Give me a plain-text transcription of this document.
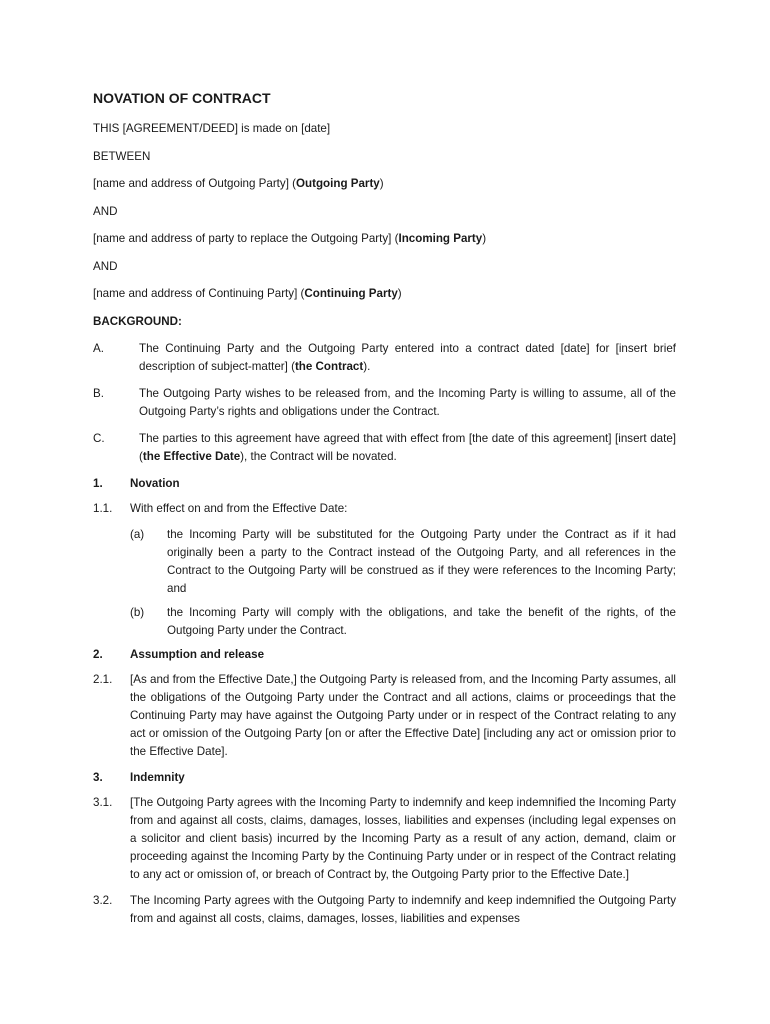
NOVATION OF CONTRACT
THIS [AGREEMENT/DEED] is made on [date]
BETWEEN
[name and address of Outgoing Party] (Outgoing Party)
AND
[name and address of party to replace the Outgoing Party] (Incoming Party)
AND
[name and address of Continuing Party] (Continuing Party)
BACKGROUND:
A.	The Continuing Party and the Outgoing Party entered into a contract dated [date] for [insert brief description of subject-matter] (the Contract).
B.	The Outgoing Party wishes to be released from, and the Incoming Party is willing to assume, all of the Outgoing Party’s rights and obligations under the Contract.
C.	The parties to this agreement have agreed that with effect from [the date of this agreement] [insert date] (the Effective Date), the Contract will be novated.
1.	Novation
1.1.	With effect on and from the Effective Date:
(a)	the Incoming Party will be substituted for the Outgoing Party under the Contract as if it had originally been a party to the Contract instead of the Outgoing Party, and all references in the Contract to the Outgoing Party will be construed as if they were references to the Incoming Party; and
(b)	the Incoming Party will comply with the obligations, and take the benefit of the rights, of the Outgoing Party under the Contract.
2.	Assumption and release
2.1.	[As and from the Effective Date,] the Outgoing Party is released from, and the Incoming Party assumes, all the obligations of the Outgoing Party under the Contract and all actions, claims or proceedings that the Continuing Party may have against the Outgoing Party under or in respect of the Contract relating to any act or omission of the Outgoing Party [on or after the Effective Date] [including any act or omission prior to the Effective Date].
3.	Indemnity
3.1.	[The Outgoing Party agrees with the Incoming Party to indemnify and keep indemnified the Incoming Party from and against all costs, claims, damages, losses, liabilities and expenses (including legal expenses on a solicitor and client basis) incurred by the Incoming Party as a result of any action, demand, claim or proceeding against the Incoming Party by the Continuing Party under or in respect of the Contract relating to any act or omission of, or breach of Contract by, the Outgoing Party prior to the Effective Date.]
3.2.	The Incoming Party agrees with the Outgoing Party to indemnify and keep indemnified the Outgoing Party from and against all costs, claims, damages, losses, liabilities and expenses
